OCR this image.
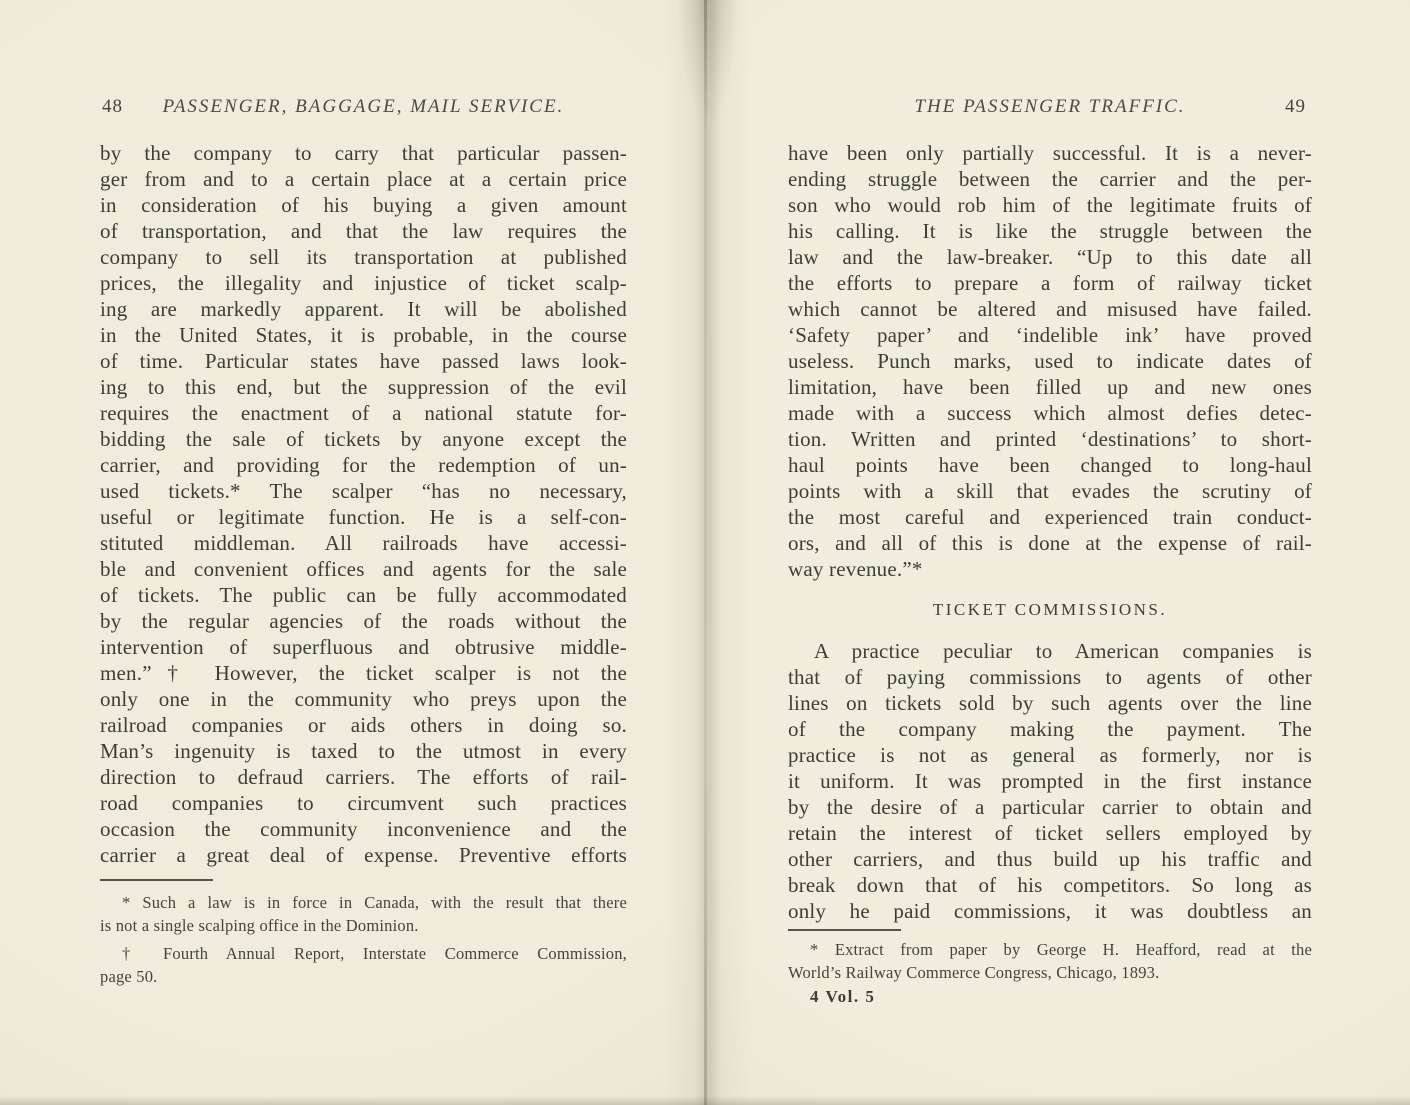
48	PASSENGER, BAGGAGE, MAIL SERVICE.
by the company to carry that particular passen-
ger from and to a certain place at a certain price
in consideration of his buying a given amount
of transportation, and that the law requires the
company to sell its transportation at published
prices, the illegality and injustice of ticket scalp-
ing are markedly apparent. It will be abolished
in the United States, it is probable, in the course
of time. Particular states have passed laws look-
ing to this end, but the suppression of the evil
requires the enactment of a national statute for-
bidding the sale of tickets by anyone except the
carrier, and providing for the redemption of un-
used tickets.* The scalper “has no necessary,
useful or legitimate function. He is a self-con-
stituted middleman. All railroads have accessi-
ble and convenient offices and agents for the sale
of tickets. The public can be fully accommodated
by the regular agencies of the roads without the
intervention of superfluous and obtrusive middle-
men.”† However, the ticket scalper is not the
only one in the community who preys upon the
railroad companies or aids others in doing so.
Man’s ingenuity is taxed to the utmost in every
direction to defraud carriers. The efforts of rail-
road companies to circumvent such practices
occasion the community inconvenience and the
carrier a great deal of expense. Preventive efforts
* Such a law is in force in Canada, with the result that there
is not a single scalping office in the Dominion.
† Fourth Annual Report, Interstate Commerce Commission,
page 50.
THE PASSENGER TRAFFIC.	49
have been only partially successful. It is a never-
ending struggle between the carrier and the per-
son who would rob him of the legitimate fruits of
his calling. It is like the struggle between the
law and the law-breaker. “Up to this date all
the efforts to prepare a form of railway ticket
which cannot be altered and misused have failed.
‘Safety paper’ and ‘indelible ink’ have proved
useless. Punch marks, used to indicate dates of
limitation, have been filled up and new ones
made with a success which almost defies detec-
tion. Written and printed ‘destinations’ to short-
haul points have been changed to long-haul
points with a skill that evades the scrutiny of
the most careful and experienced train conduct-
ors, and all of this is done at the expense of rail-
way revenue.”*
TICKET COMMISSIONS.
A practice peculiar to American companies is
that of paying commissions to agents of other
lines on tickets sold by such agents over the line
of the company making the payment. The
practice is not as general as formerly, nor is
it uniform. It was prompted in the first instance
by the desire of a particular carrier to obtain and
retain the interest of ticket sellers employed by
other carriers, and thus build up his traffic and
break down that of his competitors. So long as
only he paid commissions, it was doubtless an
* Extract from paper by George H. Heafford, read at the
World’s Railway Commerce Congress, Chicago, 1893.
4 Vol. 5
